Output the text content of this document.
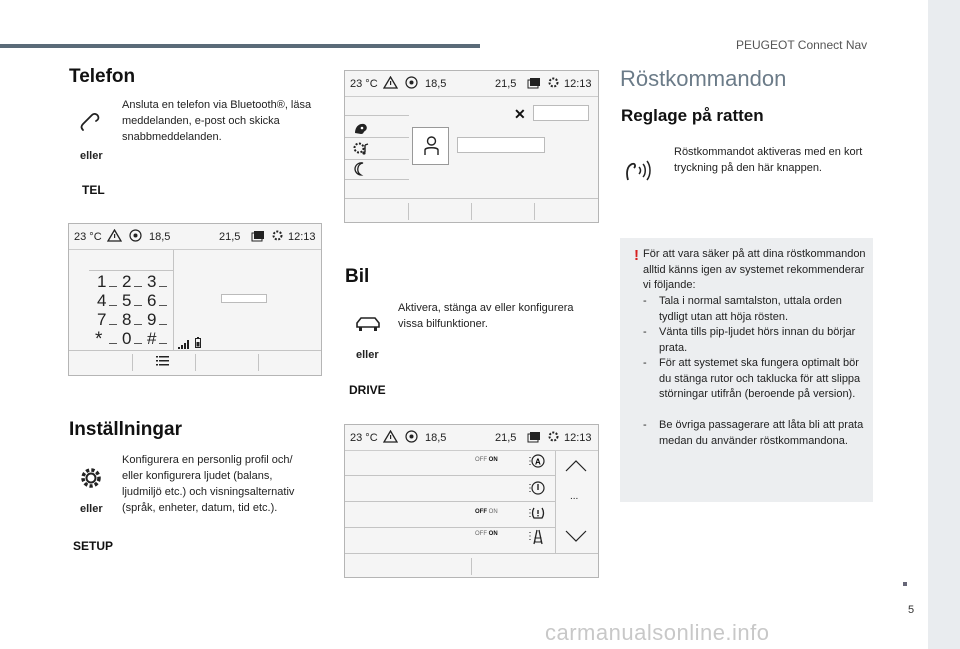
PEUGEOT Connect Nav
5
carmanualsonline.info
Telefon
Ansluta en telefon via Bluetooth®, läsa meddelanden, e-post och skicka snabbmeddelanden.
eller
TEL
23 °C	18,5	21,5	12:13
1 2 3
4 5 6
7 8 9
* 0 #
Inställningar
Konfigurera en personlig profil och/ eller konfigurera ljudet (balans, ljudmiljö etc.) och visningsalternativ (språk, enheter, datum, tid etc.).
eller
SETUP
23 °C	18,5	21,5	12:13
✕
Bil
Aktivera, stänga av eller konfigurera vissa bilfunktioner.
eller
DRIVE
23 °C	18,5	21,5	12:13
OFF ON	⋮ A
⋮
OFF ON	⋮
OFF ON	⋮
...
Röstkommandon
Reglage på ratten
Röstkommandot aktiveras med en kort tryckning på den här knappen.
! För att vara säker på att dina röstkommandon alltid känns igen av systemet rekommenderar vi följande:
- Tala i normal samtalston, uttala orden tydligt utan att höja rösten.
- Vänta tills pip-ljudet hörs innan du börjar prata.
- För att systemet ska fungera optimalt bör du stänga rutor och taklucka för att slippa störningar utifrån (beroende på version).
- Be övriga passagerare att låta bli att prata medan du använder röstkommandona.
